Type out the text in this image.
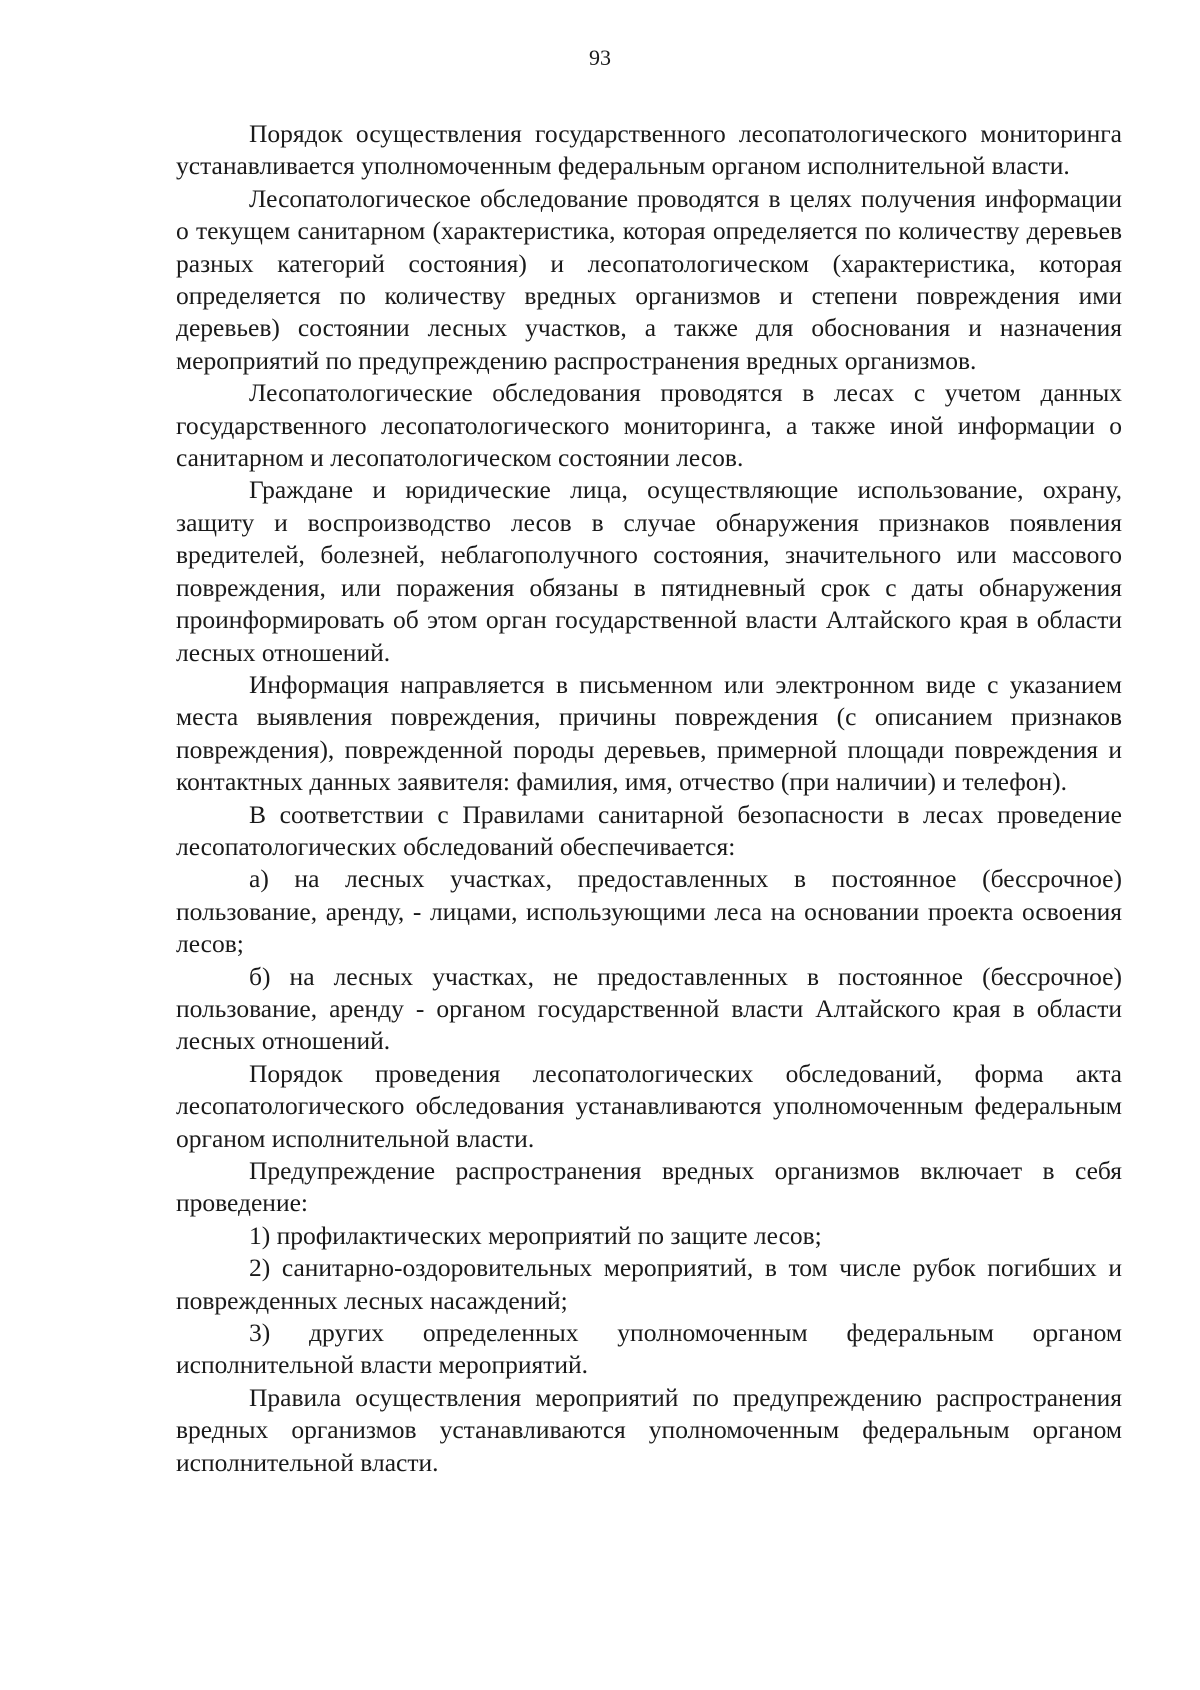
93

Порядок осуществления государственного лесопатологического мониторинга устанавливается уполномоченным федеральным органом исполнительной власти.

Лесопатологическое обследование проводятся в целях получения информации о текущем санитарном (характеристика, которая определяется по количеству деревьев разных категорий состояния) и лесопатологическом (характеристика, которая определяется по количеству вредных организмов и степени повреждения ими деревьев) состоянии лесных участков, а также для обоснования и назначения мероприятий по предупреждению распространения вредных организмов.

Лесопатологические обследования проводятся в лесах с учетом данных государственного лесопатологического мониторинга, а также иной информации о санитарном и лесопатологическом состоянии лесов.

Граждане и юридические лица, осуществляющие использование, охрану, защиту и воспроизводство лесов в случае обнаружения признаков появления вредителей, болезней, неблагополучного состояния, значительного или массового повреждения, или поражения обязаны в пятидневный срок с даты обнаружения проинформировать об этом орган государственной власти Алтайского края в области лесных отношений.

Информация направляется в письменном или электронном виде с указанием места выявления повреждения, причины повреждения (с описанием признаков повреждения), поврежденной породы деревьев, примерной площади повреждения и контактных данных заявителя: фамилия, имя, отчество (при наличии) и телефон).

В соответствии с Правилами санитарной безопасности в лесах проведение лесопатологических обследований обеспечивается:

а) на лесных участках, предоставленных в постоянное (бессрочное) пользование, аренду, - лицами, использующими леса на основании проекта освоения лесов;

б) на лесных участках, не предоставленных в постоянное (бессрочное) пользование, аренду - органом государственной власти Алтайского края в области лесных отношений.

Порядок проведения лесопатологических обследований, форма акта лесопатологического обследования устанавливаются уполномоченным федеральным органом исполнительной власти.

Предупреждение распространения вредных организмов включает в себя проведение:

1) профилактических мероприятий по защите лесов;

2) санитарно-оздоровительных мероприятий, в том числе рубок погибших и поврежденных лесных насаждений;

3) других определенных уполномоченным федеральным органом исполнительной власти мероприятий.

Правила осуществления мероприятий по предупреждению распространения вредных организмов устанавливаются уполномоченным федеральным органом исполнительной власти.
